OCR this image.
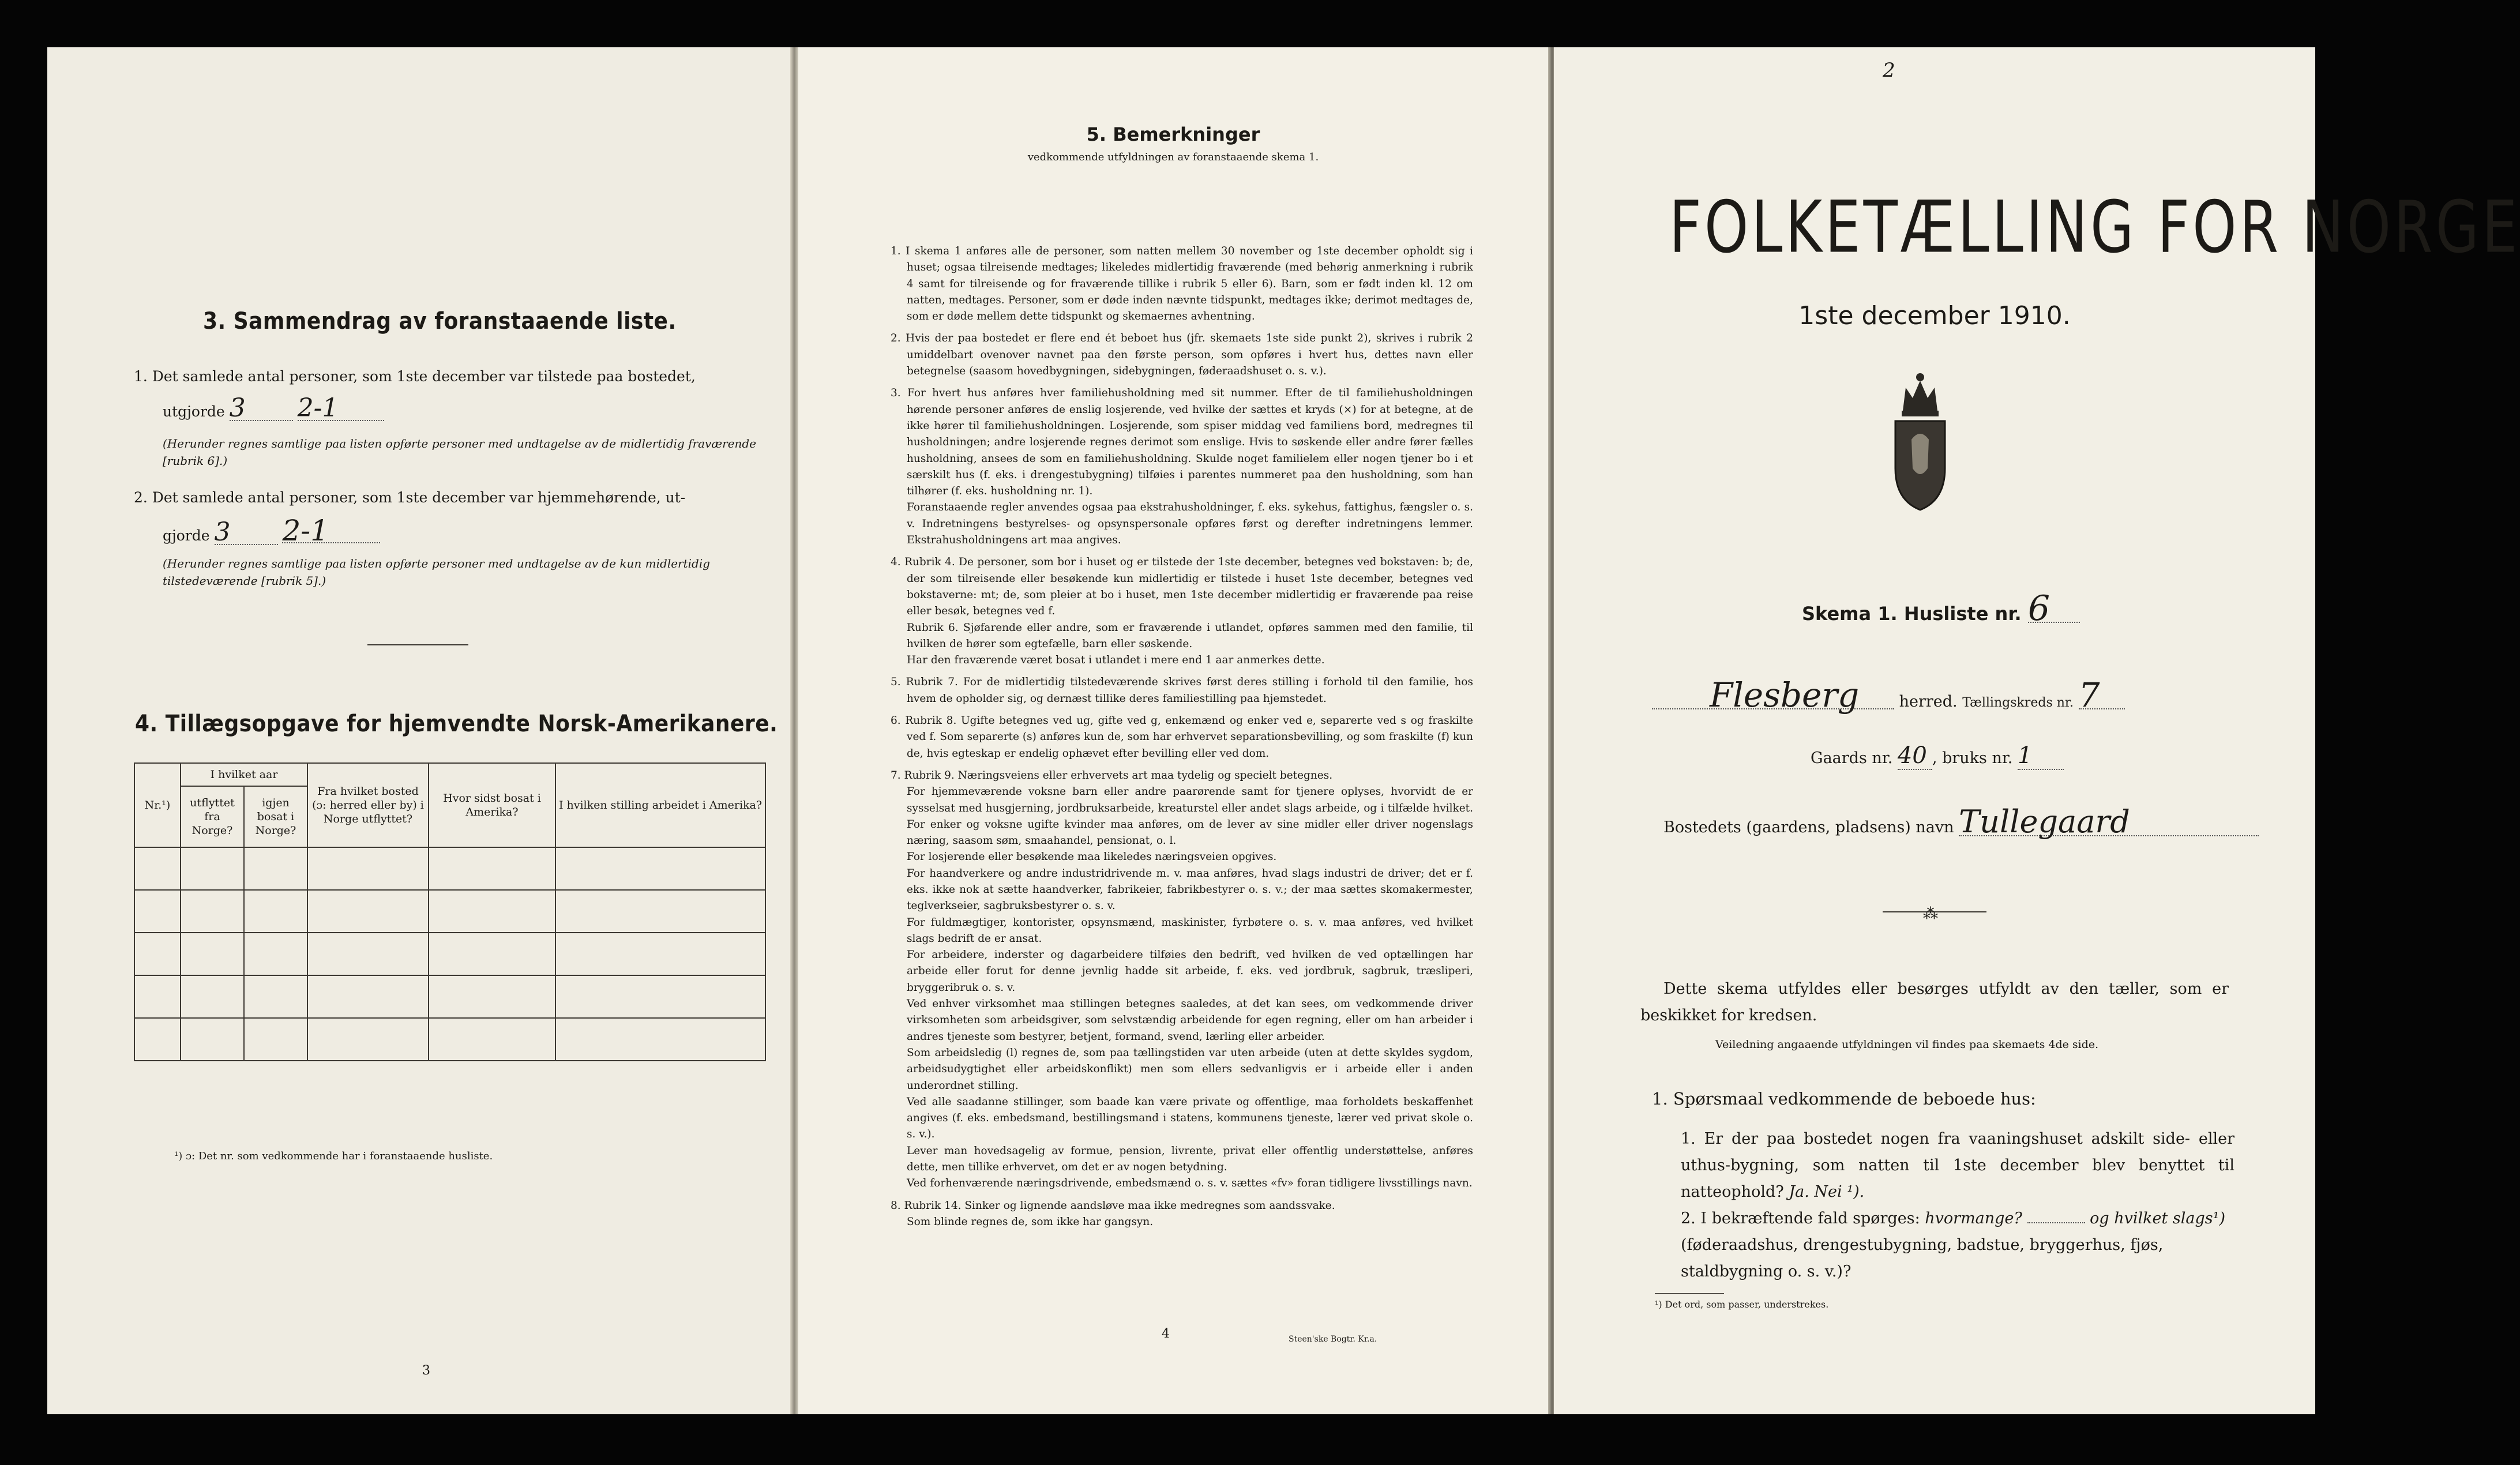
3. Sammendrag av foranstaaende liste.
1. Det samlede antal personer, som 1ste december var tilstede paa bostedet,
utgjorde 3 2-1
(Herunder regnes samtlige paa listen opførte personer med undtagelse av de midlertidig fraværende [rubrik 6].)
2. Det samlede antal personer, som 1ste december var hjemmehørende, ut-
gjorde 3 2-1
(Herunder regnes samtlige paa listen opførte personer med undtagelse av de kun midlertidig tilstedeværende [rubrik 5].)
4. Tillægsopgave for hjemvendte Norsk-Amerikanere.
Nr.¹)	I hvilket aar		Fra hvilket bosted (ɔ: herred eller by) i Norge utflyttet?	Hvor sidst bosat i Amerika?	I hvilken stilling arbeidet i Amerika?
	utflyttet fra Norge?	igjen bosat i Norge?			

¹) ɔ: Det nr. som vedkommende har i foranstaaende husliste.
3
5. Bemerkninger
vedkommende utfyldningen av foranstaaende skema 1.
1. I skema 1 anføres alle de personer, som natten mellem 30 november og 1ste december opholdt sig i huset; ogsaa tilreisende medtages; likeledes midlertidig fraværende (med behørig anmerkning i rubrik 4 samt for tilreisende og for fraværende tillike i rubrik 5 eller 6). Barn, som er født inden kl. 12 om natten, medtages. Personer, som er døde inden nævnte tidspunkt, medtages ikke; derimot medtages de, som er døde mellem dette tidspunkt og skemaernes avhentning.
2. Hvis der paa bostedet er flere end ét beboet hus (jfr. skemaets 1ste side punkt 2), skrives i rubrik 2 umiddelbart ovenover navnet paa den første person, som opføres i hvert hus, dettes navn eller betegnelse (saasom hovedbygningen, sidebygningen, føderaadshuset o. s. v.).
3. For hvert hus anføres hver familiehusholdning med sit nummer. Efter de til familiehusholdningen hørende personer anføres de enslig losjerende, ved hvilke der sættes et kryds (×) for at betegne, at de ikke hører til familiehusholdningen. Losjerende, som spiser middag ved familiens bord, medregnes til husholdningen; andre losjerende regnes derimot som enslige. Hvis to søskende eller andre fører fælles husholdning, ansees de som en familiehusholdning. Skulde noget familielem eller nogen tjener bo i et særskilt hus (f. eks. i drengestubygning) tilføies i parentes nummeret paa den husholdning, som han tilhører (f. eks. husholdning nr. 1).
Foranstaaende regler anvendes ogsaa paa ekstrahusholdninger, f. eks. sykehus, fattighus, fængsler o. s. v. Indretningens bestyrelses- og opsynspersonale opføres først og derefter indretningens lemmer. Ekstrahusholdningens art maa angives.
4. Rubrik 4. De personer, som bor i huset og er tilstede der 1ste december, betegnes ved bokstaven: b; de, der som tilreisende eller besøkende kun midlertidig er tilstede i huset 1ste december, betegnes ved bokstaverne: mt; de, som pleier at bo i huset, men 1ste december midlertidig er fraværende paa reise eller besøk, betegnes ved f.
Rubrik 6. Sjøfarende eller andre, som er fraværende i utlandet, opføres sammen med den familie, til hvilken de hører som egtefælle, barn eller søskende.
Har den fraværende været bosat i utlandet i mere end 1 aar anmerkes dette.
5. Rubrik 7. For de midlertidig tilstedeværende skrives først deres stilling i forhold til den familie, hos hvem de opholder sig, og dernæst tillike deres familiestilling paa hjemstedet.
6. Rubrik 8. Ugifte betegnes ved ug, gifte ved g, enkemænd og enker ved e, separerte ved s og fraskilte ved f. Som separerte (s) anføres kun de, som har erhvervet separationsbevilling, og som fraskilte (f) kun de, hvis egteskap er endelig ophævet efter bevilling eller ved dom.
7. Rubrik 9. Næringsveiens eller erhvervets art maa tydelig og specielt betegnes.
For hjemmeværende voksne barn eller andre paarørende samt for tjenere oplyses, hvorvidt de er sysselsat med husgjerning, jordbruksarbeide, kreaturstel eller andet slags arbeide, og i tilfælde hvilket. For enker og voksne ugifte kvinder maa anføres, om de lever av sine midler eller driver nogenslags næring, saasom søm, smaahandel, pensionat, o. l.
For losjerende eller besøkende maa likeledes næringsveien opgives.
For haandverkere og andre industridrivende m. v. maa anføres, hvad slags industri de driver; det er f. eks. ikke nok at sætte haandverker, fabrikeier, fabrikbestyrer o. s. v.; der maa sættes skomakermester, teglverkseier, sagbruksbestyrer o. s. v.
For fuldmægtiger, kontorister, opsynsmænd, maskinister, fyrbøtere o. s. v. maa anføres, ved hvilket slags bedrift de er ansat.
For arbeidere, inderster og dagarbeidere tilføies den bedrift, ved hvilken de ved optællingen har arbeide eller forut for denne jevnlig hadde sit arbeide, f. eks. ved jordbruk, sagbruk, træsliperi, bryggeribruk o. s. v.
Ved enhver virksomhet maa stillingen betegnes saaledes, at det kan sees, om vedkommende driver virksomheten som arbeidsgiver, som selvstændig arbeidende for egen regning, eller om han arbeider i andres tjeneste som bestyrer, betjent, formand, svend, lærling eller arbeider.
Som arbeidsledig (l) regnes de, som paa tællingstiden var uten arbeide (uten at dette skyldes sygdom, arbeidsudygtighet eller arbeidskonflikt) men som ellers sedvanligvis er i arbeide eller i anden underordnet stilling.
Ved alle saadanne stillinger, som baade kan være private og offentlige, maa forholdets beskaffenhet angives (f. eks. embedsmand, bestillingsmand i statens, kommunens tjeneste, lærer ved privat skole o. s. v.).
Lever man hovedsagelig av formue, pension, livrente, privat eller offentlig understøttelse, anføres dette, men tillike erhvervet, om det er av nogen betydning.
Ved forhenværende næringsdrivende, embedsmænd o. s. v. sættes «fv» foran tidligere livsstillings navn.
8. Rubrik 14. Sinker og lignende aandsløve maa ikke medregnes som aandssvake.
Som blinde regnes de, som ikke har gangsyn.
4	Steen'ske Bogtr. Kr.a.
2
FOLKETÆLLING FOR NORGE
1ste december 1910.
Skema 1. Husliste nr. 6
Flesberg	herred. Tællingskreds nr. 7
Gaards nr. 40 , bruks nr. 1
Bostedets (gaardens, pladsens) navn Tullegaard
⁂
Dette skema utfyldes eller besørges utfyldt av den tæller, som er beskikket for kredsen.
Veiledning angaaende utfyldningen vil findes paa skemaets 4de side.
1. Spørsmaal vedkommende de beboede hus:
1. Er der paa bostedet nogen fra vaaningshuset adskilt side- eller uthus-bygning, som natten til 1ste december blev benyttet til natteophold? Ja. Nei ¹).
2. I bekræftende fald spørges: hvormange?	og hvilket slags¹) (føderaadshus, drengestubygning, badstue, bryggerhus, fjøs, staldbygning o. s. v.)?
¹) Det ord, som passer, understrekes.
